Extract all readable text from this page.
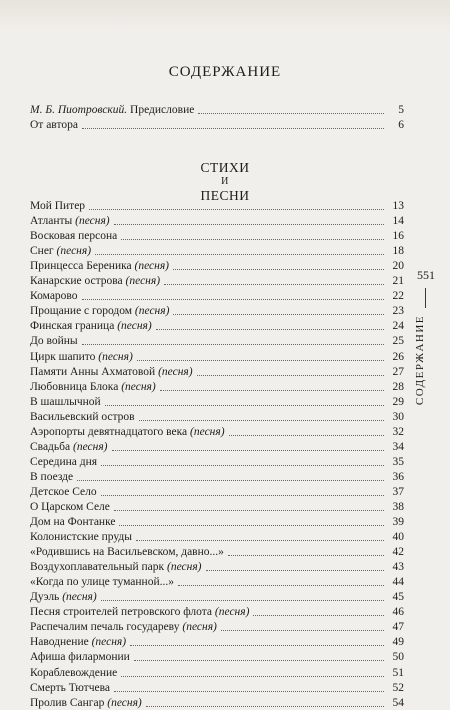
СОДЕРЖАНИЕ
М. Б. Пиотровский. Предисловие	5
От автора	6
СТИХИ
И
ПЕСНИ
Мой Питер	13
Атланты (песня)	14
Восковая персона	16
Снег (песня)	18
Принцесса Береника (песня)	20
Канарские острова (песня)	21
Комарово	22
Прощание с городом (песня)	23
Финская граница (песня)	24
До войны	25
Цирк шапито (песня)	26
Памяти Анны Ахматовой (песня)	27
Любовница Блока (песня)	28
В шашлычной	29
Васильевский остров	30
Аэропорты девятнадцатого века (песня)	32
Свадьба (песня)	34
Середина дня	35
В поезде	36
Детское Село	37
О Царском Селе	38
Дом на Фонтанке	39
Колонистские пруды	40
«Родившись на Васильевском, давно...»	42
Воздухоплавательный парк (песня)	43
«Когда по улице туманной...»	44
Дуэль (песня)	45
Песня строителей петровского флота (песня)	46
Распечалим печаль государеву (песня)	47
Наводнение (песня)	49
Афиша филармонии	50
Кораблевождение	51
Смерть Тютчева	52
Пролив Сангар (песня)	54
551
СОДЕРЖАНИЕ
